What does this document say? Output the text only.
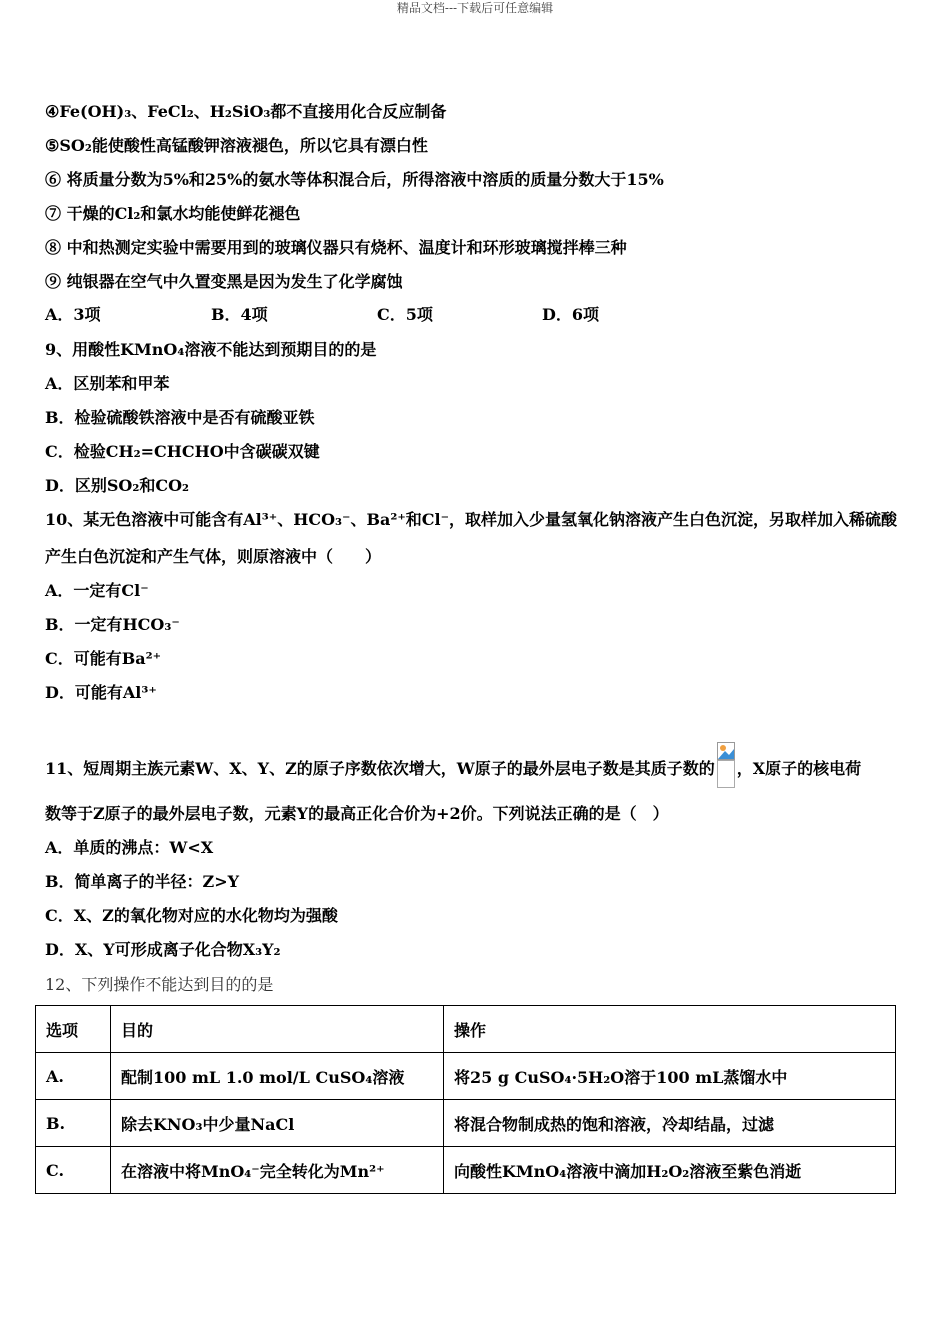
精品文档---下载后可任意编辑
④Fe(OH)₃、FeCl₂、H₂SiO₃都不直接用化合反应制备
⑤SO₂能使酸性高锰酸钾溶液褪色，所以它具有漂白性
⑥ 将质量分数为5%和25%的氨水等体积混合后，所得溶液中溶质的质量分数大于15%
⑦ 干燥的Cl₂和氯水均能使鲜花褪色
⑧ 中和热测定实验中需要用到的玻璃仪器只有烧杯、温度计和环形玻璃搅拌棒三种
⑨ 纯银器在空气中久置变黑是因为发生了化学腐蚀
A．3项	B．4项	C．5项	D．6项
9、用酸性KMnO₄溶液不能达到预期目的的是
A．区别苯和甲苯
B．检验硫酸铁溶液中是否有硫酸亚铁
C．检验CH₂=CHCHO中含碳碳双键
D．区别SO₂和CO₂
10、某无色溶液中可能含有Al³⁺、HCO₃⁻、Ba²⁺和Cl⁻，取样加入少量氢氧化钠溶液产生白色沉淀，另取样加入稀硫酸
产生白色沉淀和产生气体，则原溶液中（　　）
A．一定有Cl⁻
B．一定有HCO₃⁻
C．可能有Ba²⁺
D．可能有Al³⁺
11、短周期主族元素W、X、Y、Z的原子序数依次增大，W原子的最外层电子数是其质子数的 ，X原子的核电荷
数等于Z原子的最外层电子数，元素Y的最高正化合价为+2价。下列说法正确的是（　）
A．单质的沸点：W<X
B．简单离子的半径：Z>Y
C．X、Z的氧化物对应的水化物均为强酸
D．X、Y可形成离子化合物X₃Y₂
12、下列操作不能达到目的的是
选项	目的	操作
A.	配制100 mL 1.0 mol/L CuSO₄溶液	将25 g CuSO₄·5H₂O溶于100 mL蒸馏水中
B.	除去KNO₃中少量NaCl	将混合物制成热的饱和溶液，冷却结晶，过滤
C.	在溶液中将MnO₄⁻完全转化为Mn²⁺	向酸性KMnO₄溶液中滴加H₂O₂溶液至紫色消逝
